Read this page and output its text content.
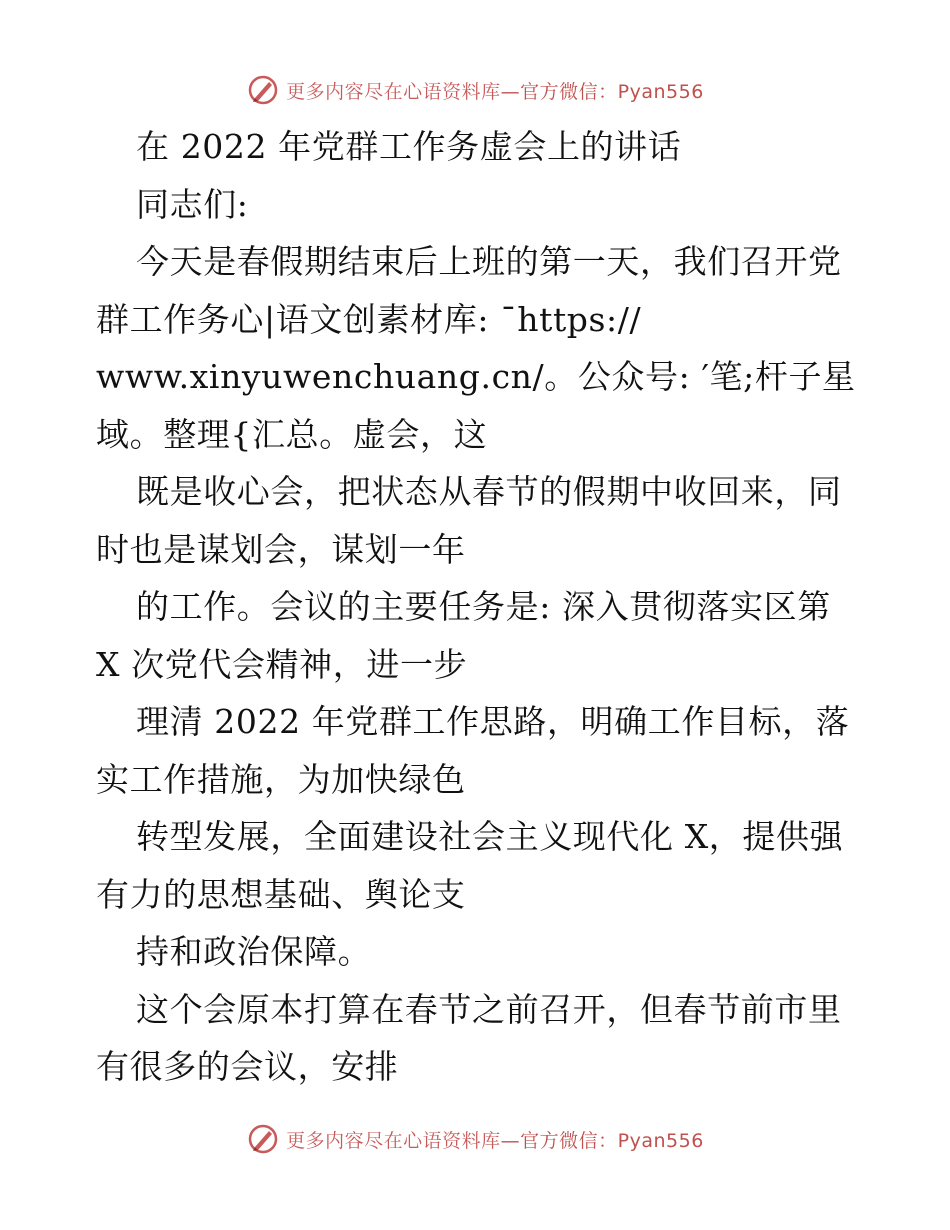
更多内容尽在心语资料库 —官方微信：Pyan556
在 2022 年党群工作务虚会上的讲话
同志们:
今天是春假期结束后上班的第一天，我们召开党
群工作务心|语文创素材库: ¯https://
www.xinyuwenchuang.cn/。公众号: ′笔;杆子星
域。整理{汇总。虚会，这
既是收心会，把状态从春节的假期中收回来，同
时也是谋划会，谋划一年
的工作。会议的主要任务是: 深入贯彻落实区第
X 次党代会精神，进一步
理清 2022 年党群工作思路，明确工作目标，落
实工作措施，为加快绿色
转型发展，全面建设社会主义现代化 X，提供强
有力的思想基础、舆论支
持和政治保障。
这个会原本打算在春节之前召开，但春节前市里
有很多的会议，安排
更多内容尽在心语资料库 —官方微信：Pyan556
